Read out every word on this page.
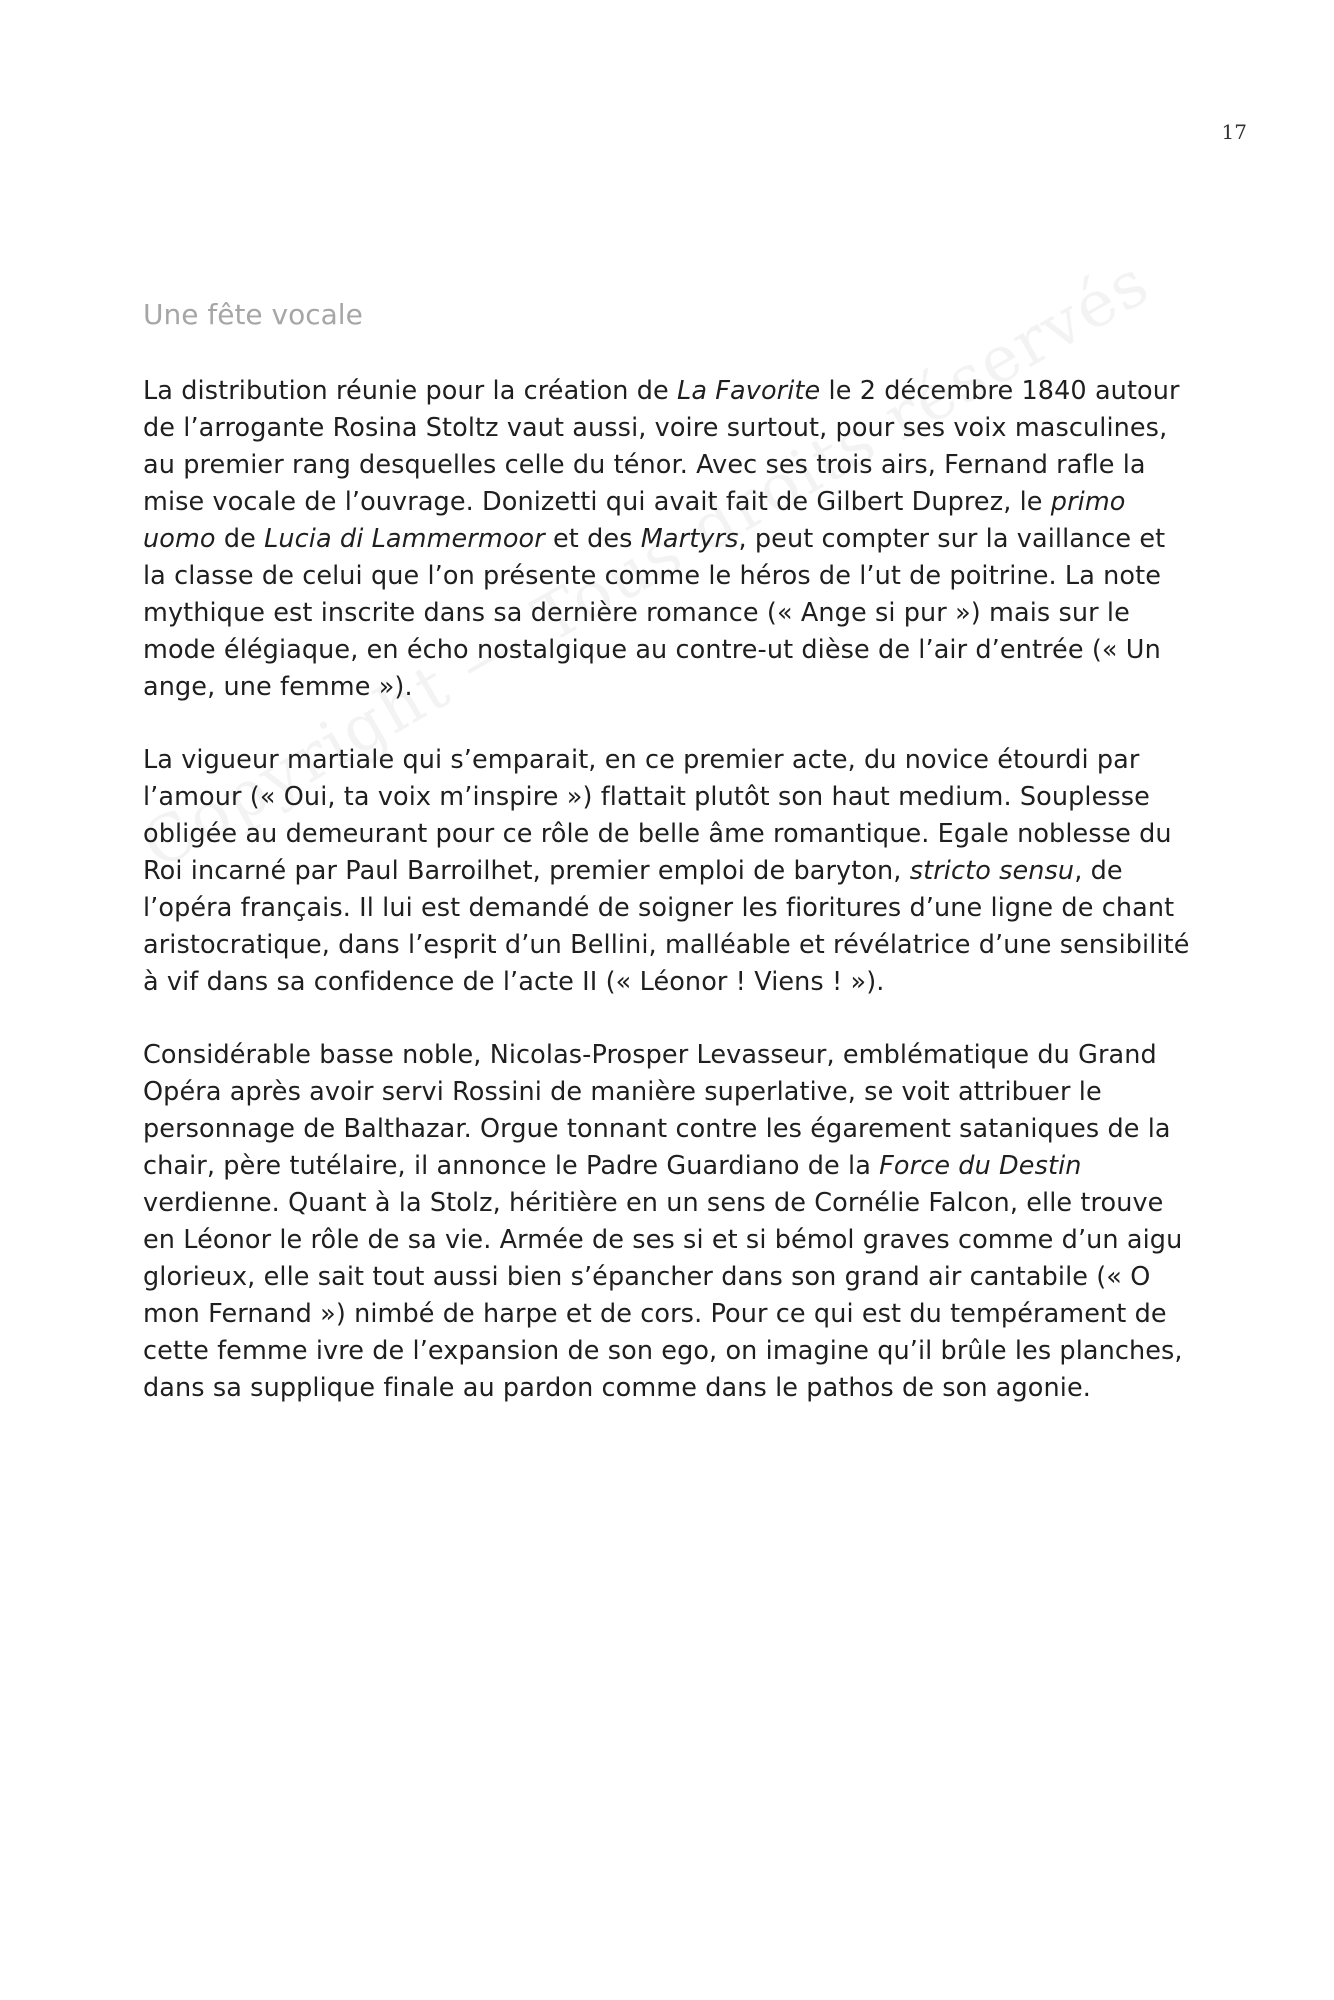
17
Une fête vocale

La distribution réunie pour la création de La Favorite le 2 décembre 1840 autour de l’arrogante Rosina Stoltz vaut aussi, voire surtout, pour ses voix masculines, au premier rang desquelles celle du ténor. Avec ses trois airs, Fernand rafle la mise vocale de l’ouvrage. Donizetti qui avait fait de Gilbert Duprez, le primo uomo de Lucia di Lammermoor et des Martyrs, peut compter sur la vaillance et la classe de celui que l’on présente comme le héros de l’ut de poitrine. La note mythique est inscrite dans sa dernière romance (« Ange si pur ») mais sur le mode élégiaque, en écho nostalgique au contre-ut dièse de l’air d’entrée (« Un ange, une femme »).

La vigueur martiale qui s’emparait, en ce premier acte, du novice étourdi par l’amour (« Oui, ta voix m’inspire ») flattait plutôt son haut medium. Souplesse obligée au demeurant pour ce rôle de belle âme romantique. Egale noblesse du Roi incarné par Paul Barroilhet, premier emploi de baryton, stricto sensu, de l’opéra français. Il lui est demandé de soigner les fioritures d’une ligne de chant aristocratique, dans l’esprit d’un Bellini, malléable et révélatrice d’une sensibilité à vif dans sa confidence de l’acte II (« Léonor ! Viens ! »).

Considérable basse noble, Nicolas-Prosper Levasseur, emblématique du Grand Opéra après avoir servi Rossini de manière superlative, se voit attribuer le personnage de Balthazar. Orgue tonnant contre les égarement sataniques de la chair, père tutélaire, il annonce le Padre Guardiano de la Force du Destin verdienne. Quant à la Stolz, héritière en un sens de Cornélie Falcon, elle trouve en Léonor le rôle de sa vie. Armée de ses si et si bémol graves comme d’un aigu glorieux, elle sait tout aussi bien s’épancher dans son grand air cantabile (« O mon Fernand ») nimbé de harpe et de cors. Pour ce qui est du tempérament de cette femme ivre de l’expansion de son ego, on imagine qu’il brûle les planches, dans sa supplique finale au pardon comme dans le pathos de son agonie.
